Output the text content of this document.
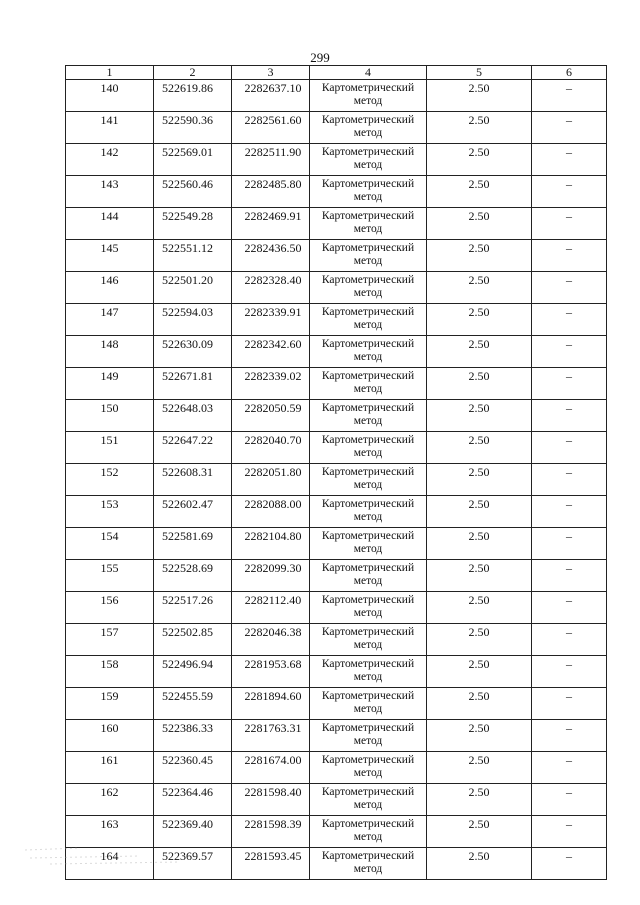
299
1	2	3	4	5	6
140	522619.86	2282637.10	Картометрический метод	2.50	–
141	522590.36	2282561.60	Картометрический метод	2.50	–
142	522569.01	2282511.90	Картометрический метод	2.50	–
143	522560.46	2282485.80	Картометрический метод	2.50	–
144	522549.28	2282469.91	Картометрический метод	2.50	–
145	522551.12	2282436.50	Картометрический метод	2.50	–
146	522501.20	2282328.40	Картометрический метод	2.50	–
147	522594.03	2282339.91	Картометрический метод	2.50	–
148	522630.09	2282342.60	Картометрический метод	2.50	–
149	522671.81	2282339.02	Картометрический метод	2.50	–
150	522648.03	2282050.59	Картометрический метод	2.50	–
151	522647.22	2282040.70	Картометрический метод	2.50	–
152	522608.31	2282051.80	Картометрический метод	2.50	–
153	522602.47	2282088.00	Картометрический метод	2.50	–
154	522581.69	2282104.80	Картометрический метод	2.50	–
155	522528.69	2282099.30	Картометрический метод	2.50	–
156	522517.26	2282112.40	Картометрический метод	2.50	–
157	522502.85	2282046.38	Картометрический метод	2.50	–
158	522496.94	2281953.68	Картометрический метод	2.50	–
159	522455.59	2281894.60	Картометрический метод	2.50	–
160	522386.33	2281763.31	Картометрический метод	2.50	–
161	522360.45	2281674.00	Картометрический метод	2.50	–
162	522364.46	2281598.40	Картометрический метод	2.50	–
163	522369.40	2281598.39	Картометрический метод	2.50	–
164	522369.57	2281593.45	Картометрический метод	2.50	–
